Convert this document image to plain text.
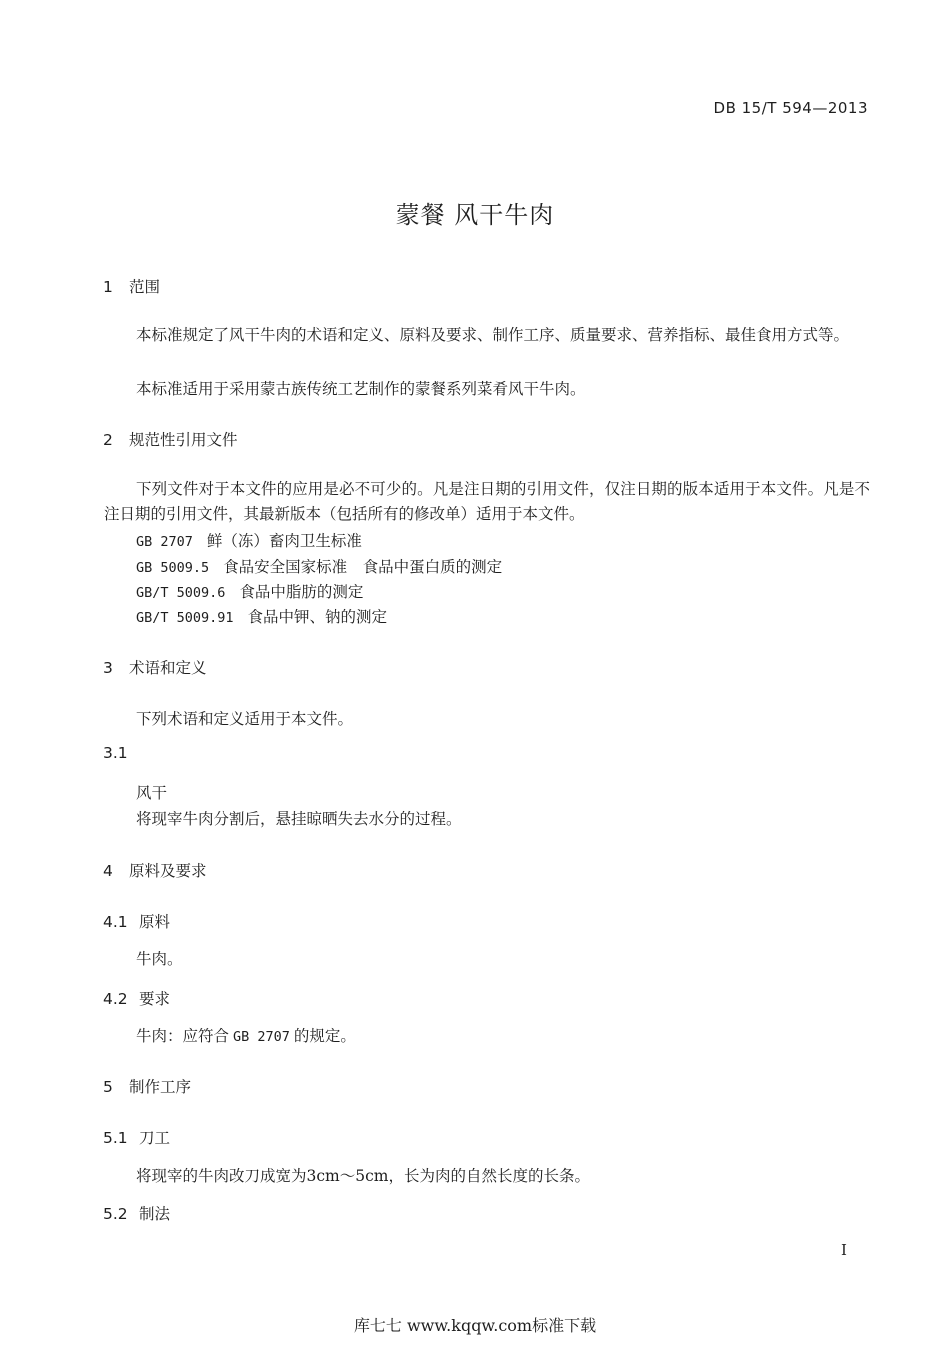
DB 15/T 594—2013
蒙餐 风干牛肉
1 范围
本标准规定了风干牛肉的术语和定义、原料及要求、制作工序、质量要求、营养指标、最佳食用方式等。
本标准适用于采用蒙古族传统工艺制作的蒙餐系列菜肴风干牛肉。
2 规范性引用文件
下列文件对于本文件的应用是必不可少的。凡是注日期的引用文件，仅注日期的版本适用于本文件。凡是不注日期的引用文件，其最新版本（包括所有的修改单）适用于本文件。
GB 2707 鲜（冻）畜肉卫生标准
GB 5009.5 食品安全国家标准　食品中蛋白质的测定
GB/T 5009.6 食品中脂肪的测定
GB/T 5009.91 食品中钾、钠的测定
3 术语和定义
下列术语和定义适用于本文件。
3.1
风干
将现宰牛肉分割后，悬挂晾晒失去水分的过程。
4 原料及要求
4.1 原料
牛肉。
4.2 要求
牛肉：应符合 GB 2707 的规定。
5 制作工序
5.1 刀工
将现宰的牛肉改刀成宽为3cm～5cm，长为肉的自然长度的长条。
5.2 制法
I
库七七 www.kqqw.com标准下载
